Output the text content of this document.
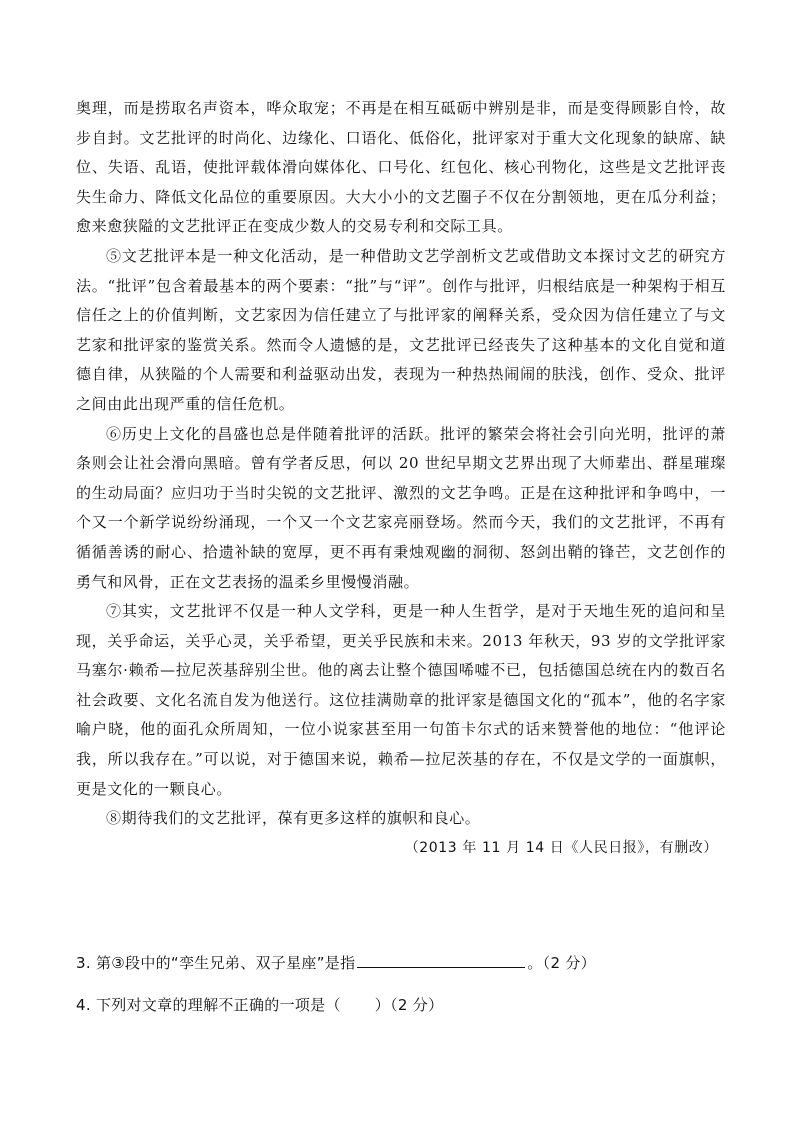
奥理，而是捞取名声资本，哗众取宠；不再是在相互砥砺中辨别是非，而是变得顾影自怜，故步自封。文艺批评的时尚化、边缘化、口语化、低俗化，批评家对于重大文化现象的缺席、缺位、失语、乱语，使批评载体滑向媒体化、口号化、红包化、核心刊物化，这些是文艺批评丧失生命力、降低文化品位的重要原因。大大小小的文艺圈子不仅在分割领地，更在瓜分利益；愈来愈狭隘的文艺批评正在变成少数人的交易专利和交际工具。

⑤文艺批评本是一种文化活动，是一种借助文艺学剖析文艺或借助文本探讨文艺的研究方法。“批评”包含着最基本的两个要素：“批”与“评”。创作与批评，归根结底是一种架构于相互信任之上的价值判断，文艺家因为信任建立了与批评家的阐释关系，受众因为信任建立了与文艺家和批评家的鉴赏关系。然而令人遗憾的是，文艺批评已经丧失了这种基本的文化自觉和道德自律，从狭隘的个人需要和利益驱动出发，表现为一种热热闹闹的肤浅，创作、受众、批评之间由此出现严重的信任危机。

⑥历史上文化的昌盛也总是伴随着批评的活跃。批评的繁荣会将社会引向光明，批评的萧条则会让社会滑向黑暗。曾有学者反思，何以 20 世纪早期文艺界出现了大师辈出、群星璀璨的生动局面？应归功于当时尖锐的文艺批评、激烈的文艺争鸣。正是在这种批评和争鸣中，一个又一个新学说纷纷涌现，一个又一个文艺家亮丽登场。然而今天，我们的文艺批评，不再有循循善诱的耐心、拾遗补缺的宽厚，更不再有秉烛观幽的洞彻、怒剑出鞘的锋芒，文艺创作的勇气和风骨，正在文艺表扬的温柔乡里慢慢消融。

⑦其实，文艺批评不仅是一种人文学科，更是一种人生哲学，是对于天地生死的追问和呈现，关乎命运，关乎心灵，关乎希望，更关乎民族和未来。2013 年秋天，93 岁的文学批评家马塞尔·赖希—拉尼茨基辞别尘世。他的离去让整个德国唏嘘不已，包括德国总统在内的数百名社会政要、文化名流自发为他送行。这位挂满勋章的批评家是德国文化的“孤本”，他的名字家喻户晓，他的面孔众所周知，一位小说家甚至用一句笛卡尔式的话来赞誉他的地位：“他评论我，所以我存在。”可以说，对于德国来说，赖希—拉尼茨基的存在，不仅是文学的一面旗帜，更是文化的一颗良心。

⑧期待我们的文艺批评，葆有更多这样的旗帜和良心。

（2013 年 11 月 14 日《人民日报》，有删改）

3. 第③段中的“孪生兄弟、双子星座”是指	。（2 分）
4. 下列对文章的理解不正确的一项是（ ）（2 分）
